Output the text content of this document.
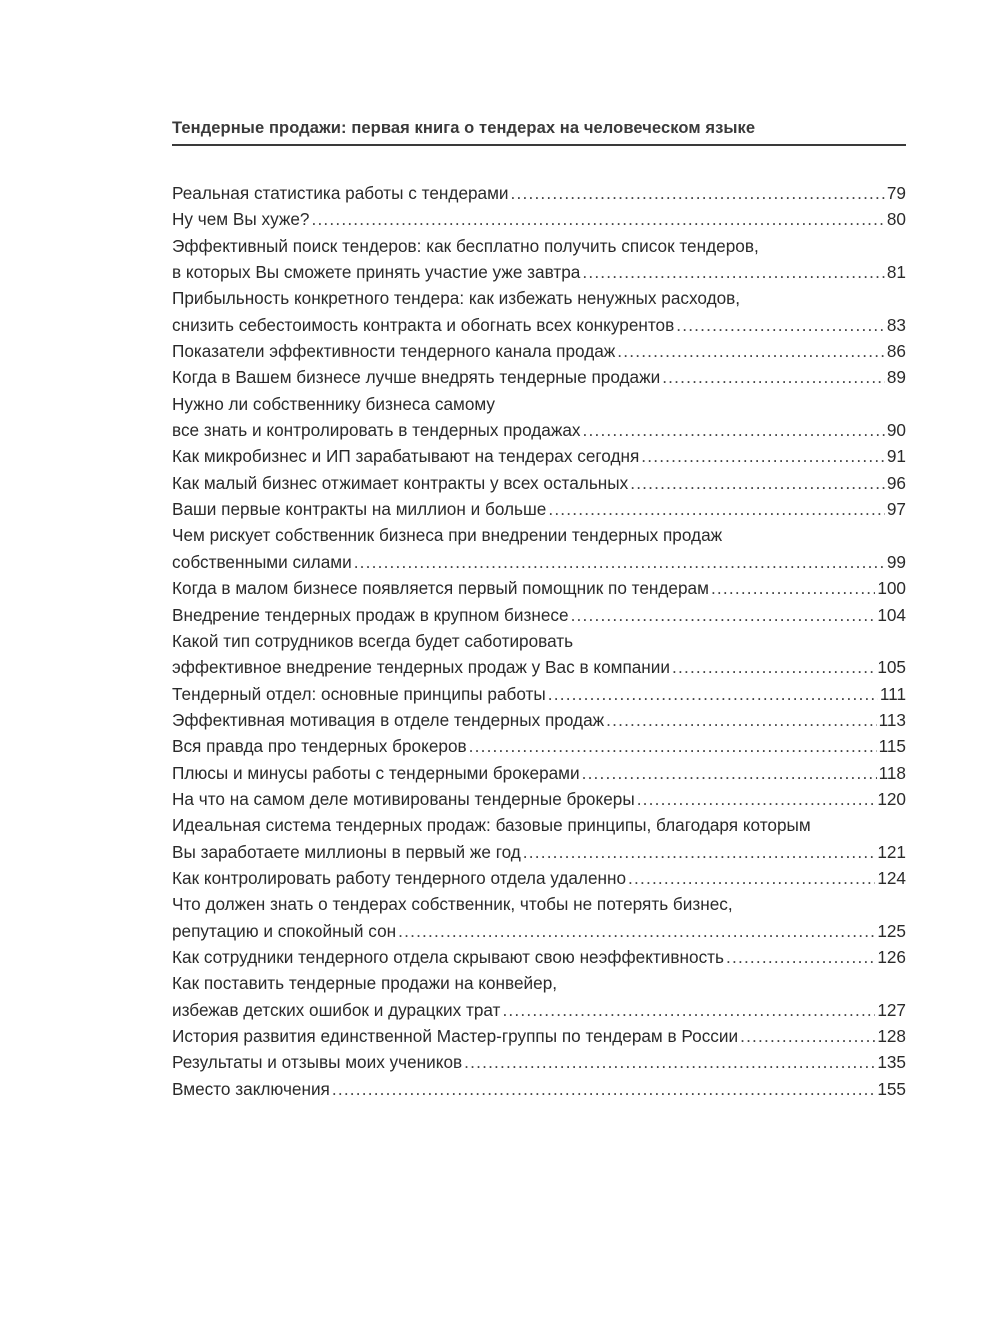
Тендерные продажи: первая книга о тендерах на человеческом языке
Реальная статистика работы с тендерами .....	79
Ну чем Вы хуже? .....	80
Эффективный поиск тендеров: как бесплатно получить список тендеров,
в которых Вы сможете принять участие уже завтра .....	81
Прибыльность конкретного тендера: как избежать ненужных расходов,
снизить себестоимость контракта и обогнать всех конкурентов .....	83
Показатели эффективности тендерного канала продаж .....	86
Когда в Вашем бизнесе лучше внедрять тендерные продажи .....	89
Нужно ли собственнику бизнеса самому
все знать и контролировать в тендерных продажах .....	90
Как микробизнес и ИП зарабатывают на тендерах сегодня .....	91
Как малый бизнес отжимает контракты у всех остальных .....	96
Ваши первые контракты на миллион и больше .....	97
Чем рискует собственник бизнеса при внедрении тендерных продаж
собственными силами .....	99
Когда в малом бизнесе появляется первый помощник по тендерам .....	100
Внедрение тендерных продаж в крупном бизнесе .....	104
Какой тип сотрудников всегда будет саботировать
эффективное внедрение тендерных продаж у Вас в компании .....	105
Тендерный отдел: основные принципы работы .....	111
Эффективная мотивация в отделе тендерных продаж .....	113
Вся правда про тендерных брокеров .....	115
Плюсы и минусы работы с тендерными брокерами .....	118
На что на самом деле мотивированы тендерные брокеры .....	120
Идеальная система тендерных продаж: базовые принципы, благодаря которым
Вы заработаете миллионы в первый же год .....	121
Как контролировать работу тендерного отдела удаленно .....	124
Что должен знать о тендерах собственник, чтобы не потерять бизнес,
репутацию и спокойный сон .....	125
Как сотрудники тендерного отдела скрывают свою неэффективность .....	126
Как поставить тендерные продажи на конвейер,
избежав детских ошибок и дурацких трат .....	127
История развития единственной Мастер-группы по тендерам в России .....	128
Результаты и отзывы моих учеников .....	135
Вместо заключения .....	155
